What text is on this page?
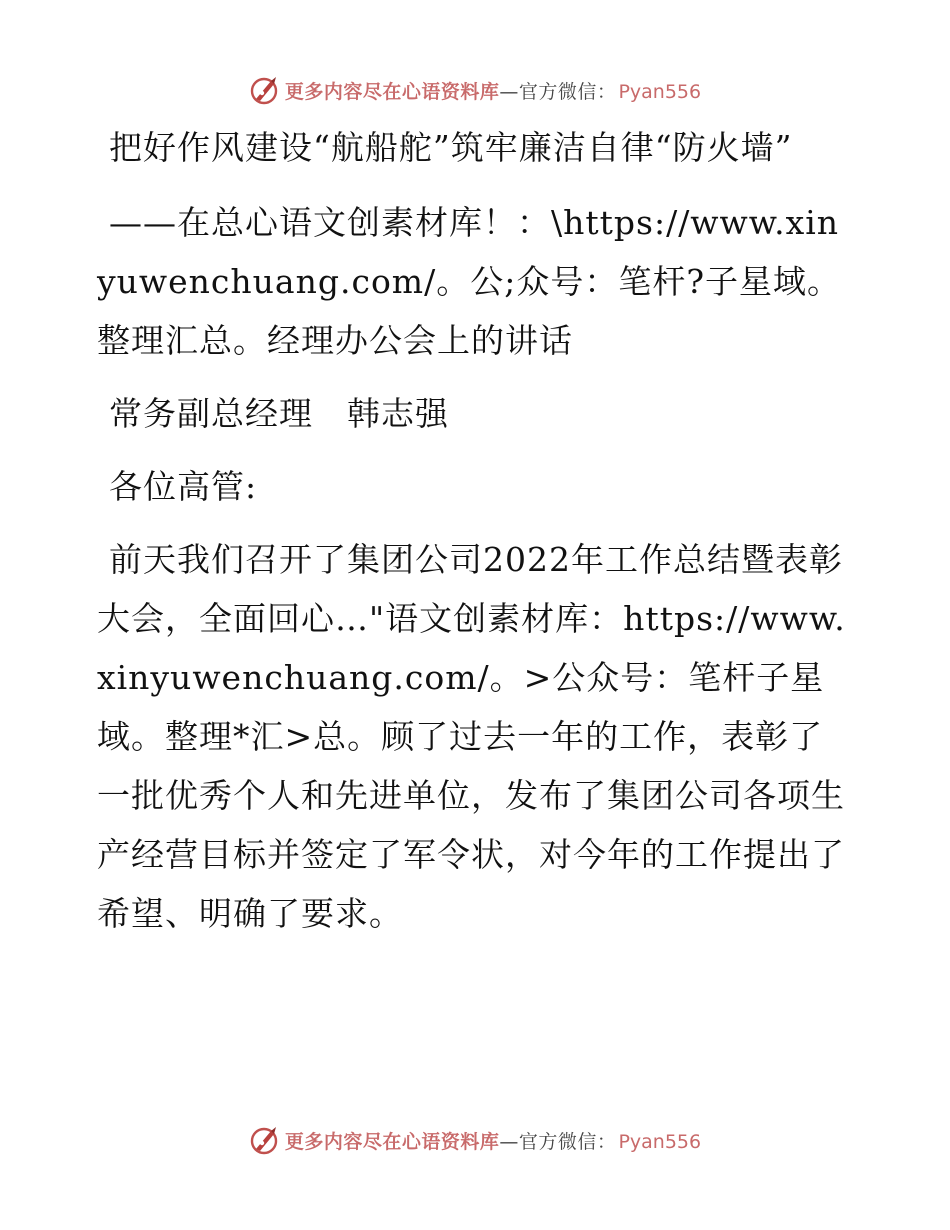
更多内容尽在心语资料库 — 官方微信： Pyan556

把好作风建设“航船舵”筑牢廉洁自律“防火墙”

——在总心语文创素材库！：\https://www.xinyuwenchuang.com/。公;众号：笔杆?子星域。整理汇总。经理办公会上的讲话

常务副总经理　韩志强

各位高管:

前天我们召开了集团公司2022年工作总结暨表彰大会，全面回心…"语文创素材库：https://www.xinyuwenchuang.com/。>公众号：笔杆子星域。整理*汇>总。顾了过去一年的工作，表彰了一批优秀个人和先进单位，发布了集团公司各项生产经营目标并签定了军令状，对今年的工作提出了希望、明确了要求。

更多内容尽在心语资料库 — 官方微信： Pyan556
